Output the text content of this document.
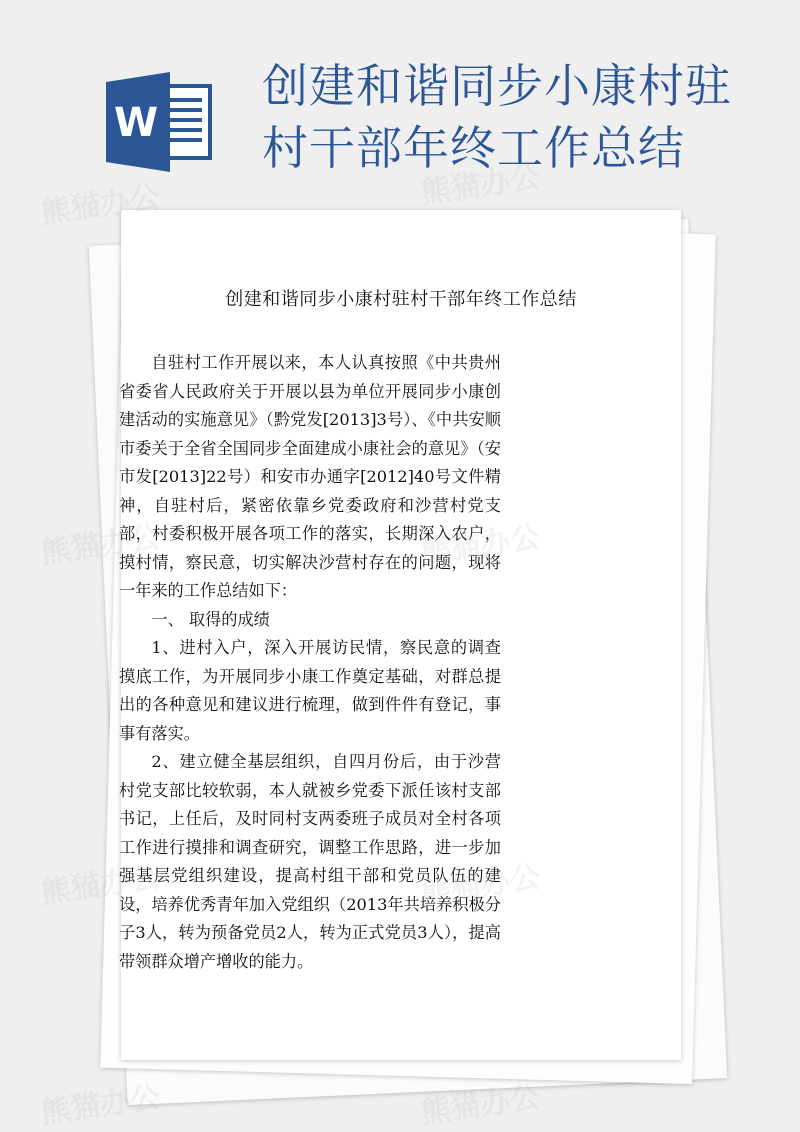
W
创建和谐同步小康村驻
村干部年终工作总结
创建和谐同步小康村驻村干部年终工作总结

自驻村工作开展以来，本人认真按照《中共贵州省委省人民政府关于开展以县为单位开展同步小康创建活动的实施意见》（黔党发[2013]3号）、《中共安顺市委关于全省全国同步全面建成小康社会的意见》（安市发[2013]22号）和安市办通字[2012]40号文件精神，自驻村后，紧密依靠乡党委政府和沙营村党支部，村委积极开展各项工作的落实，长期深入农户，摸村情，察民意，切实解决沙营村存在的问题，现将一年来的工作总结如下：

一、 取得的成绩

1、进村入户，深入开展访民情，察民意的调查摸底工作，为开展同步小康工作奠定基础，对群总提出的各种意见和建议进行梳理，做到件件有登记，事事有落实。

2、建立健全基层组织，自四月份后，由于沙营村党支部比较软弱，本人就被乡党委下派任该村支部书记，上任后，及时同村支两委班子成员对全村各项工作进行摸排和调查研究，调整工作思路，进一步加强基层党组织建设，提高村组干部和党员队伍的建设，培养优秀青年加入党组织（2013年共培养积极分子3人，转为预备党员2人，转为正式党员3人），提高带领群众增产增收的能力。

熊猫办公	熊猫办公
熊猫办公
熊猫办公
熊猫办公	熊猫办公
